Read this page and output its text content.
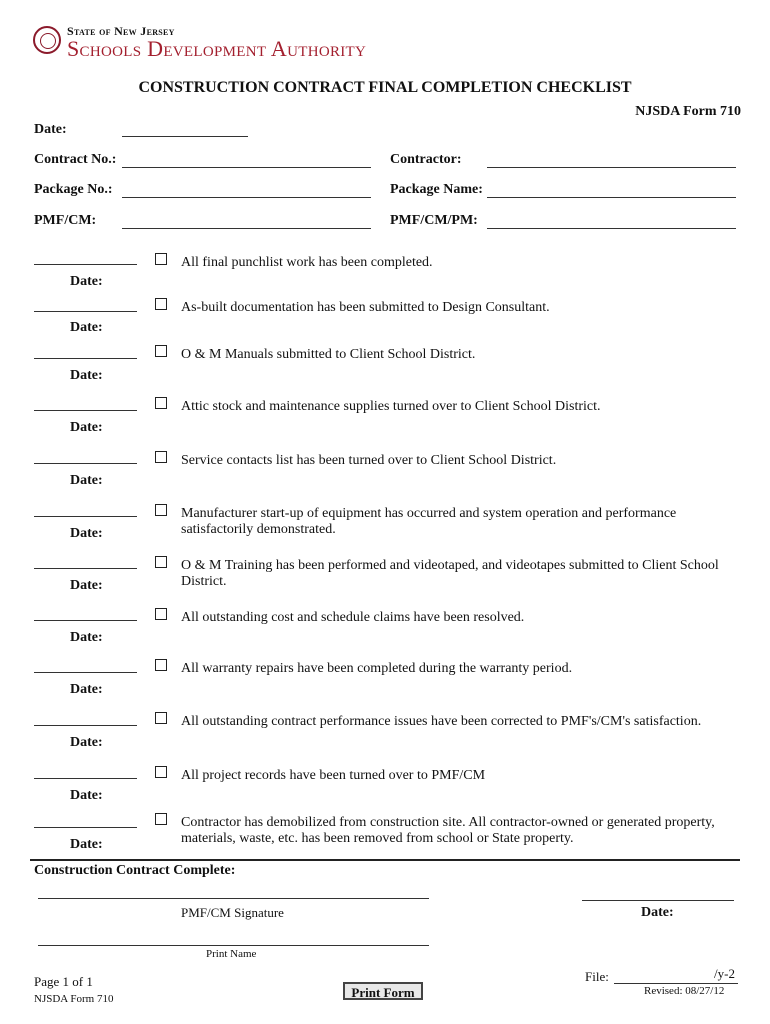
State of New Jersey
Schools Development Authority
CONSTRUCTION CONTRACT FINAL COMPLETION CHECKLIST
NJSDA Form 710
Date:
Contract No.:	Contractor:
Package No.:	Package Name:
PMF/CM:	PMF/CM/PM:
All final punchlist work has been completed.
Date:
As-built documentation has been submitted to Design Consultant.
Date:
O & M Manuals submitted to Client School District.
Date:
Attic stock and maintenance supplies turned over to Client School District.
Date:
Service contacts list has been turned over to Client School District.
Date:
Manufacturer start-up of equipment has occurred and system operation and performance satisfactorily demonstrated.
Date:
O & M Training has been performed and videotaped, and videotapes submitted to Client School District.
Date:
All outstanding cost and schedule claims have been resolved.
Date:
All warranty repairs have been completed during the warranty period.
Date:
All outstanding contract performance issues have been corrected to PMF's/CM's satisfaction.
Date:
All project records have been turned over to PMF/CM
Date:
Contractor has demobilized from construction site. All contractor-owned or generated property, materials, waste, etc. has been removed from school or State property.
Date:
Construction Contract Complete:
PMF/CM Signature	Date:
Print Name
Page 1 of 1
NJSDA Form 710	Print Form
File:	/y-2
Revised: 08/27/12
